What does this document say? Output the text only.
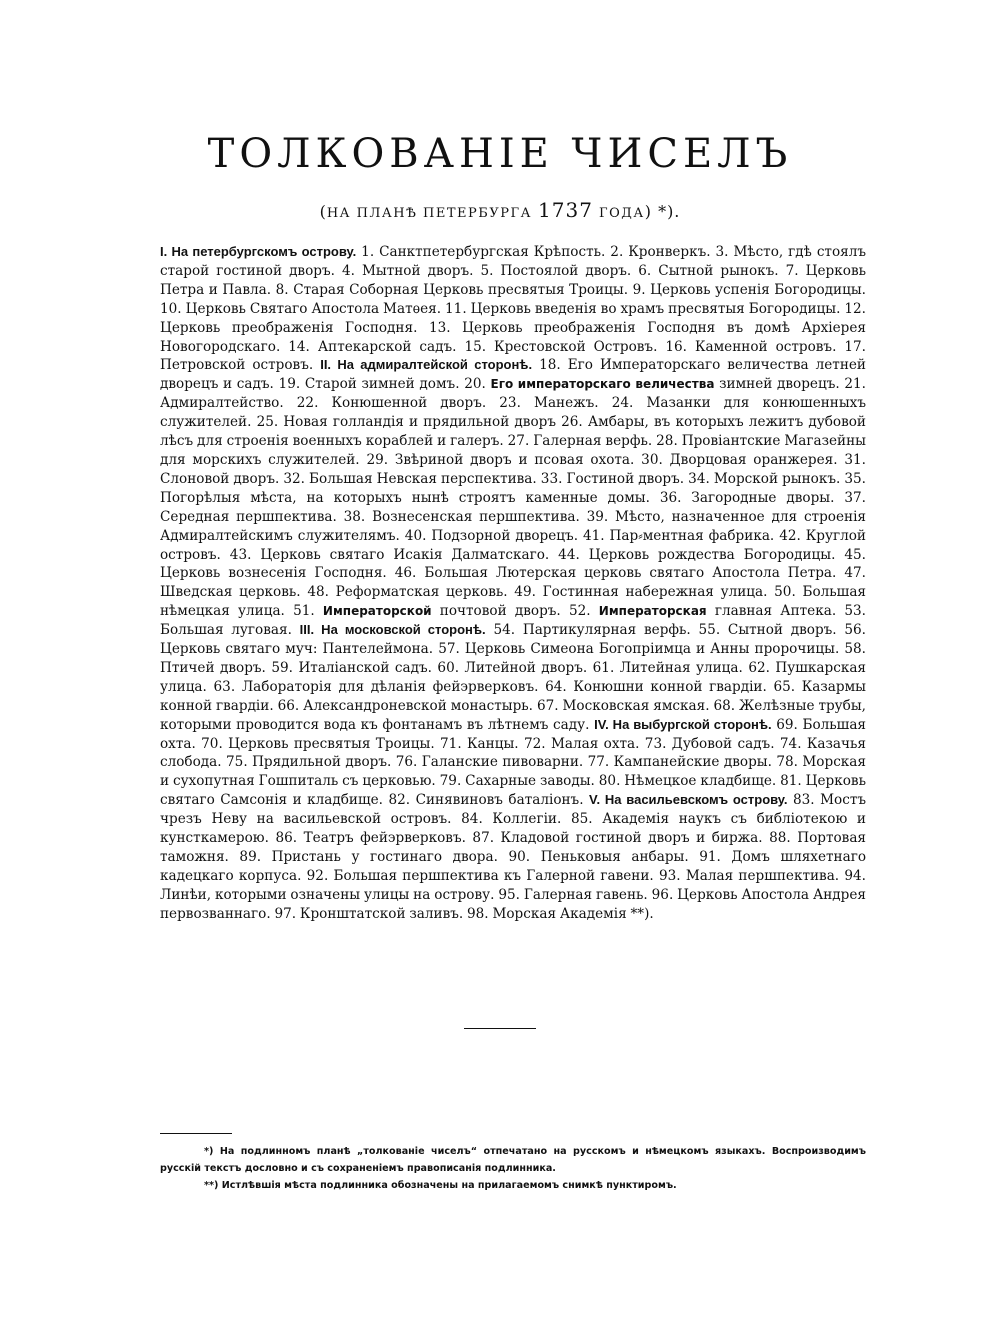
ТОЛКОВАНІЕ ЧИСЕЛЪ
(НА ПЛАНѢ ПЕТЕРБУРГА 1737 ГОДА) *).

I. На петербургскомъ острову. 1. Санктпетербургская Крѣпость. 2. Кронверкъ. 3. Мѣсто, гдѣ стоялъ старой гостиной дворъ. 4. Мытной дворъ. 5. Постоялой дворъ. 6. Сытной рынокъ. 7. Церковь Петра и Павла. 8. Старая Соборная Церковь пресвятыя Троицы. 9. Церковь успенія Богородицы. 10. Церковь Святаго Апостола Матѳея. 11. Церковь введенія во храмъ пресвятыя Богородицы. 12. Церковь преображенія Господня. 13. Церковь преображенія Господня въ домѣ Архіерея Новогородскаго. 14. Аптекарской садъ. 15. Крестовской Островъ. 16. Каменной островъ. 17. Петровской островъ. II. На адмиралтейской сторонѣ. 18. Его Императорскаго величества летней дворецъ и садъ. 19. Старой зимней домъ. 20. Его императорскаго величества зимней дворецъ. 21. Адмиралтейство. 22. Конюшенной дворъ. 23. Манежъ. 24. Мазанки для конюшенныхъ служителей. 25. Новая голландія и прядильной дворъ 26. Амбары, въ которыхъ лежитъ дубовой лѣсъ для строенія военныхъ кораблей и галеръ. 27. Галерная верфь. 28. Провіантские Магазейны для морскихъ служителей. 29. Звѣриной дворъ и псовая охота. 30. Дворцовая оранжерея. 31. Слоновой дворъ. 32. Большая Невская перспектива. 33. Гостиной дворъ. 34. Морской рынокъ. 35. Погорѣлыя мѣста, на которыхъ нынѣ строятъ каменные домы. 36. Загородные дворы. 37. Середная першпектива. 38. Вознесенская першпектива. 39. Мѣсто, назначенное для строенія Адмиралтейскимъ служителямъ. 40. Подзорной дворецъ. 41. Пар⸗ментная фабрика. 42. Круглой островъ. 43. Церковь святаго Исакія Далматскаго. 44. Церковь рождества Богородицы. 45. Церковь вознесенія Господня. 46. Большая Лютерская церковь святаго Апостола Петра. 47. Шведская церковь. 48. Реформатская церковь. 49. Гостинная набережная улица. 50. Большая нѣмецкая улица. 51. Императорской почтовой дворъ. 52. Императорская главная Аптека. 53. Большая луговая. III. На московской сторонѣ. 54. Партикулярная верфь. 55. Сытной дворъ. 56. Церковь святаго муч: Пантелеймона. 57. Церковь Симеона Богопріимца и Анны пророчицы. 58. Птичей дворъ. 59. Италіанской садъ. 60. Литейной дворъ. 61. Литейная улица. 62. Пушкарская улица. 63. Лабораторія для дѣланія фейэрверковъ. 64. Конюшни конной гвардіи. 65. Казармы конной гвардіи. 66. Александроневской монастырь. 67. Московская ямская. 68. Желѣзные трубы, которыми проводится вода къ фонтанамъ въ лѣтнемъ саду. IV. На выбургской сторонѣ. 69. Большая охта. 70. Церковь пресвятыя Троицы. 71. Канцы. 72. Малая охта. 73. Дубовой садъ. 74. Казачья слобода. 75. Прядильной дворъ. 76. Галанские пивоварни. 77. Кампанейские дворы. 78. Морская и сухопутная Гошпиталь съ церковью. 79. Сахарные заводы. 80. Нѣмецкое кладбище. 81. Церковь святаго Самсонія и кладбище. 82. Синявиновъ баталіонъ. V. На васильевскомъ острову. 83. Мостъ чрезъ Неву на васильевской островъ. 84. Коллегіи. 85. Академія наукъ съ библіотекою и кунсткамерою. 86. Театръ фейэрверковъ. 87. Кладовой гостиной дворъ и биржа. 88. Портовая таможня. 89. Пристань у гостинаго двора. 90. Пеньковыя анбары. 91. Домъ шляхетнаго кадецкаго корпуса. 92. Большая першпектива къ Галерной гавени. 93. Малая першпектива. 94. Линѣи, которыми означены улицы на острову. 95. Галерная гавень. 96. Церковь Апостола Андрея первозваннаго. 97. Кронштатской заливъ. 98. Морская Академія **).

*) На подлинномъ планѣ „толкованіе чиселъ“ отпечатано на русскомъ и нѣмецкомъ языкахъ. Воспроизводимъ русскій текстъ дословно и съ сохраненіемъ правописанія подлинника.

**) Истлѣвшія мѣста подлинника обозначены на прилагаемомъ снимкѣ пунктиромъ.
